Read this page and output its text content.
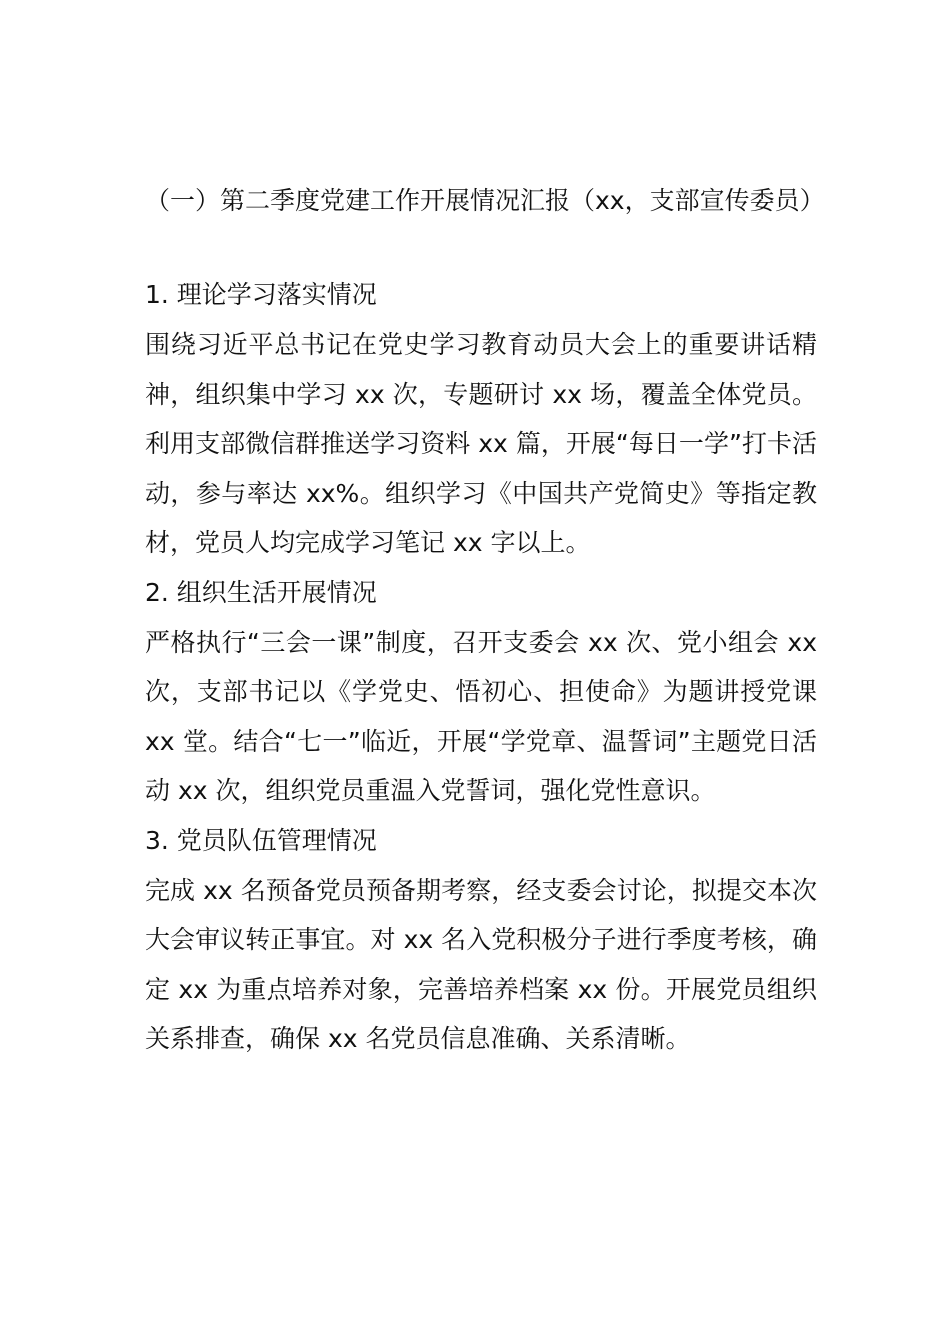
（一）第二季度党建工作开展情况汇报（xx，支部宣传委员）
1. 理论学习落实情况

围绕习近平总书记在党史学习教育动员大会上的重要讲话精神，组织集中学习 xx 次，专题研讨 xx 场，覆盖全体党员。利用支部微信群推送学习资料 xx 篇，开展“每日一学”打卡活动，参与率达 xx%。组织学习《中国共产党简史》等指定教材，党员人均完成学习笔记 xx 字以上。

2. 组织生活开展情况

严格执行“三会一课”制度，召开支委会 xx 次、党小组会 xx 次，支部书记以《学党史、悟初心、担使命》为题讲授党课 xx 堂。结合“七一”临近，开展“学党章、温誓词”主题党日活动 xx 次，组织党员重温入党誓词，强化党性意识。

3. 党员队伍管理情况

完成 xx 名预备党员预备期考察，经支委会讨论，拟提交本次大会审议转正事宜。对 xx 名入党积极分子进行季度考核，确定 xx 为重点培养对象，完善培养档案 xx 份。开展党员组织关系排查，确保 xx 名党员信息准确、关系清晰。
